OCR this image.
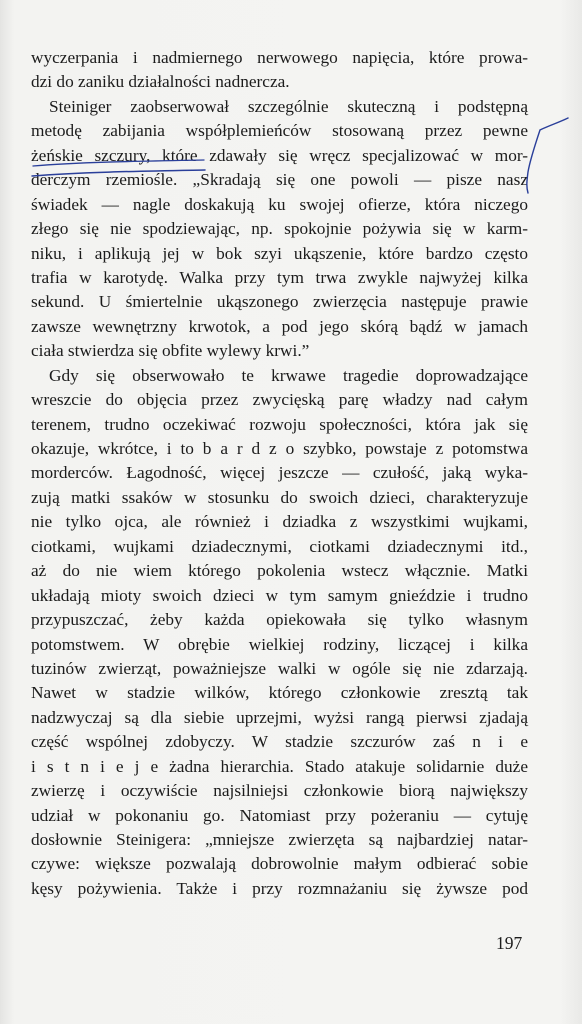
wyczerpania i nadmiernego nerwowego napięcia, które prowa-
dzi do zaniku działalności nadnercza.
Steiniger zaobserwował szczególnie skuteczną i podstępną
metodę zabijania współplemieńców stosowaną przez pewne
żeńskie szczury, które zdawały się wręcz specjalizować w mor-
derczym rzemiośle. „Skradają się one powoli — pisze nasz
świadek — nagle doskakują ku swojej ofierze, która niczego
złego się nie spodziewając, np. spokojnie pożywia się w karm-
niku, i aplikują jej w bok szyi ukąszenie, które bardzo często
trafia w karotydę. Walka przy tym trwa zwykle najwyżej kilka
sekund. U śmiertelnie ukąszonego zwierzęcia następuje prawie
zawsze wewnętrzny krwotok, a pod jego skórą bądź w jamach
ciała stwierdza się obfite wylewy krwi.”
Gdy się obserwowało te krwawe tragedie doprowadzające
wreszcie do objęcia przez zwycięską parę władzy nad całym
terenem, trudno oczekiwać rozwoju społeczności, która jak się
okazuje, wkrótce, i to b a r d z o szybko, powstaje z potomstwa
morderców. Łagodność, więcej jeszcze — czułość, jaką wyka-
zują matki ssaków w stosunku do swoich dzieci, charakteryzuje
nie tylko ojca, ale również i dziadka z wszystkimi wujkami,
ciotkami, wujkami dziadecznymi, ciotkami dziadecznymi itd.,
aż do nie wiem którego pokolenia wstecz włącznie. Matki
układają mioty swoich dzieci w tym samym gnieździe i trudno
przypuszczać, żeby każda opiekowała się tylko własnym
potomstwem. W obrębie wielkiej rodziny, liczącej i kilka
tuzinów zwierząt, poważniejsze walki w ogóle się nie zdarzają.
Nawet w stadzie wilków, którego członkowie zresztą tak
nadzwyczaj są dla siebie uprzejmi, wyżsi rangą pierwsi zjadają
część wspólnej zdobyczy. W stadzie szczurów zaś n i e
i s t n i e j e żadna hierarchia. Stado atakuje solidarnie duże
zwierzę i oczywiście najsilniejsi członkowie biorą największy
udział w pokonaniu go. Natomiast przy pożeraniu — cytuję
dosłownie Steinigera: „mniejsze zwierzęta są najbardziej natar-
czywe: większe pozwalają dobrowolnie małym odbierać sobie
kęsy pożywienia. Także i przy rozmnażaniu się żywsze pod
197
